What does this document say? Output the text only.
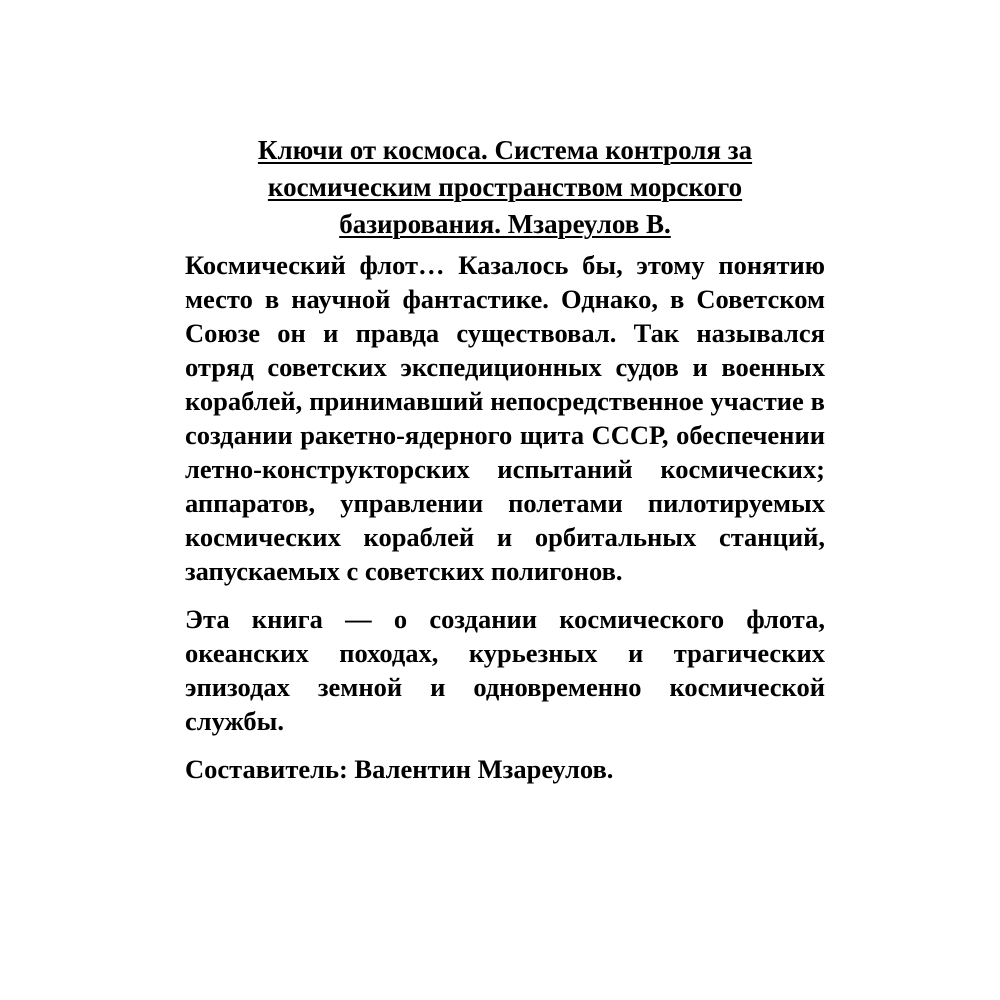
Ключи от космоса. Система контроля за космическим пространством морского базирования. Мзареулов В.

Космический флот… Казалось бы, этому понятию место в научной фантастике. Однако, в Советском Союзе он и правда существовал. Так назывался отряд советских экспедиционных судов и военных кораблей, принимавший непосредственное участие в создании ракетно-ядерного щита СССР, обеспечении летно-конструкторских испытаний космических; аппаратов, управлении полетами пилотируемых космических кораблей и орбитальных станций, запускаемых с советских полигонов.

Эта книга — о создании космического флота, океанских походах, курьезных и трагических эпизодах земной и одновременно космической службы.

Составитель: Валентин Мзареулов.
